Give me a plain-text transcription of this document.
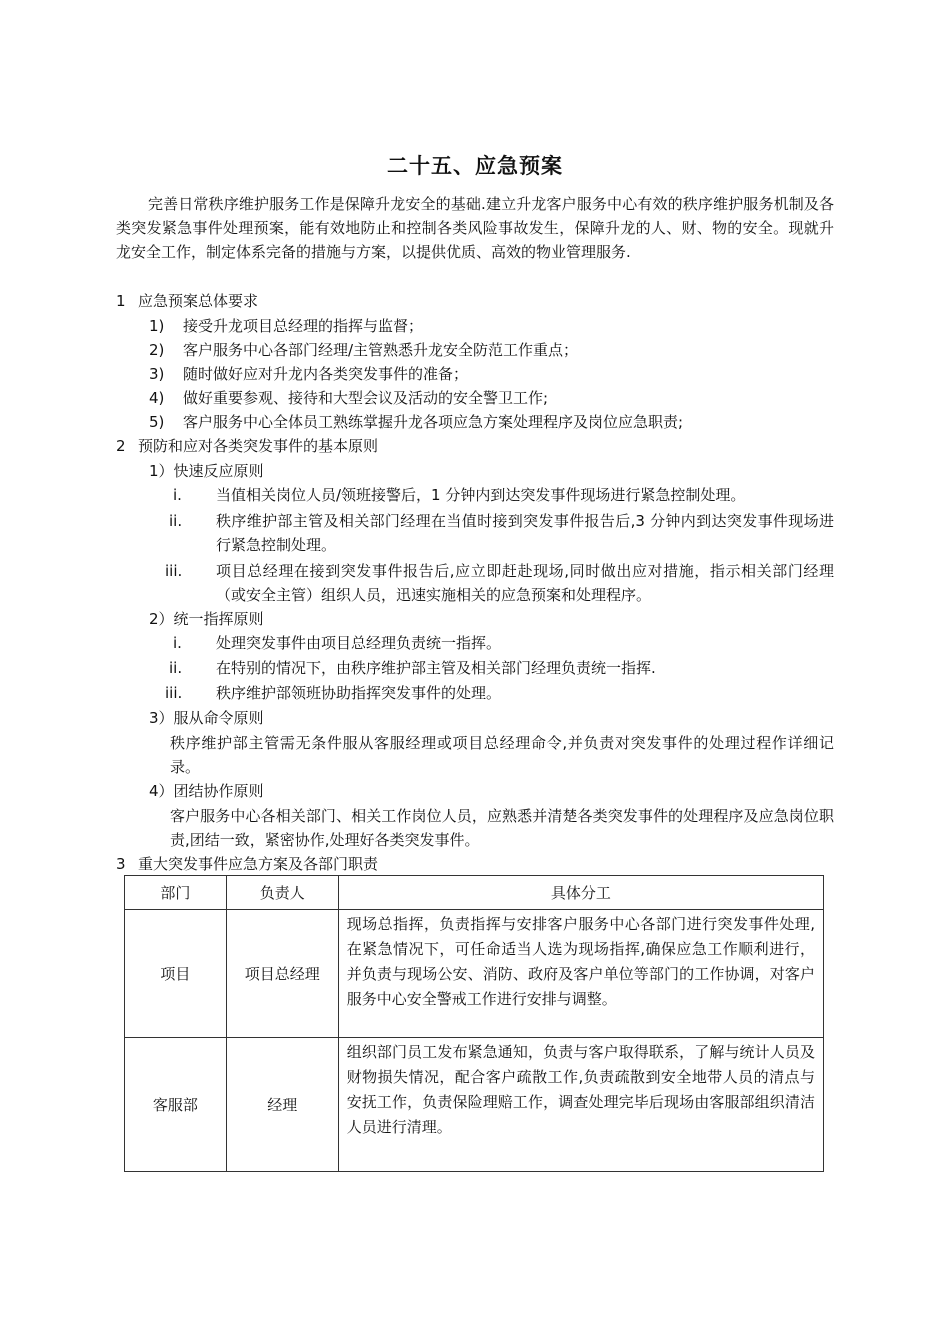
二十五、应急预案

完善日常秩序维护服务工作是保障升龙安全的基础.建立升龙客户服务中心有效的秩序维护服务机制及各类突发紧急事件处理预案，能有效地防止和控制各类风险事故发生，保障升龙的人、财、物的安全。现就升龙安全工作，制定体系完备的措施与方案，以提供优质、高效的物业管理服务.

1 应急预案总体要求
1) 接受升龙项目总经理的指挥与监督；
2) 客户服务中心各部门经理/主管熟悉升龙安全防范工作重点；
3) 随时做好应对升龙内各类突发事件的准备；
4) 做好重要参观、接待和大型会议及活动的安全警卫工作;
5) 客户服务中心全体员工熟练掌握升龙各项应急方案处理程序及岗位应急职责;
2 预防和应对各类突发事件的基本原则
1）快速反应原则
i. 当值相关岗位人员/领班接警后，1 分钟内到达突发事件现场进行紧急控制处理。
ii. 秩序维护部主管及相关部门经理在当值时接到突发事件报告后,3 分钟内到达突发事件现场进行紧急控制处理。

iii. 项目总经理在接到突发事件报告后,应立即赶赴现场,同时做出应对措施，指示相关部门经理（或安全主管）组织人员，迅速实施相关的应急预案和处理程序。

2）统一指挥原则
i. 处理突发事件由项目总经理负责统一指挥。
ii. 在特别的情况下，由秩序维护部主管及相关部门经理负责统一指挥.
iii. 秩序维护部领班协助指挥突发事件的处理。
3）服从命令原则

秩序维护部主管需无条件服从客服经理或项目总经理命令,并负责对突发事件的处理过程作详细记录。

4）团结协作原则

客户服务中心各相关部门、相关工作岗位人员，应熟悉并清楚各类突发事件的处理程序及应急岗位职责,团结一致，紧密协作,处理好各类突发事件。

3 重大突发事件应急方案及各部门职责
部门	负责人	具体分工
项目	项目总经理	现场总指挥，负责指挥与安排客户服务中心各部门进行突发事件处理,在紧急情况下，可任命适当人选为现场指挥,确保应急工作顺利进行，并负责与现场公安、消防、政府及客户单位等部门的工作协调，对客户服务中心安全警戒工作进行安排与调整。
客服部	经理	组织部门员工发布紧急通知，负责与客户取得联系，了解与统计人员及财物损失情况，配合客户疏散工作,负责疏散到安全地带人员的清点与安抚工作，负责保险理赔工作，调查处理完毕后现场由客服部组织清洁人员进行清理。
